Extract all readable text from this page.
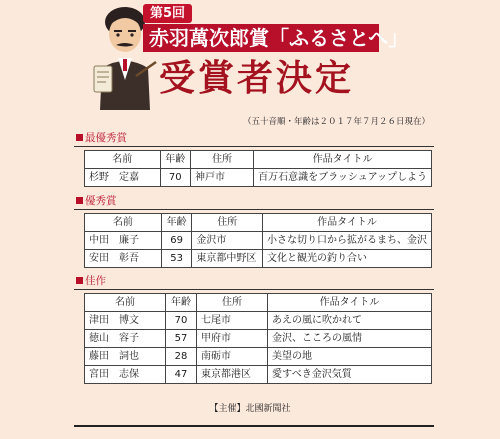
第5回
赤羽萬次郎賞「ふるさとへ」
受賞者決定
（五十音順・年齢は２０１７年７月２６日現在）
最優秀賞
名前	年齢	住所	作品タイトル
杉野　定嘉	70	神戸市	百万石意識をブラッシュアップしよう
優秀賞
名前	年齢	住所	作品タイトル
中田　廉子	69	金沢市	小さな切り口から拡がるまち、金沢
安田　彰吾	53	東京都中野区	文化と観光の釣り合い
佳作
名前	年齢	住所	作品タイトル
津田　博文	70	七尾市	あえの風に吹かれて
徳山　容子	57	甲府市	金沢、こころの風情
藤田　詞也	28	南砺市	美望の地
宮田　志保	47	東京都港区	愛すべき金沢気質
【主催】北國新聞社
